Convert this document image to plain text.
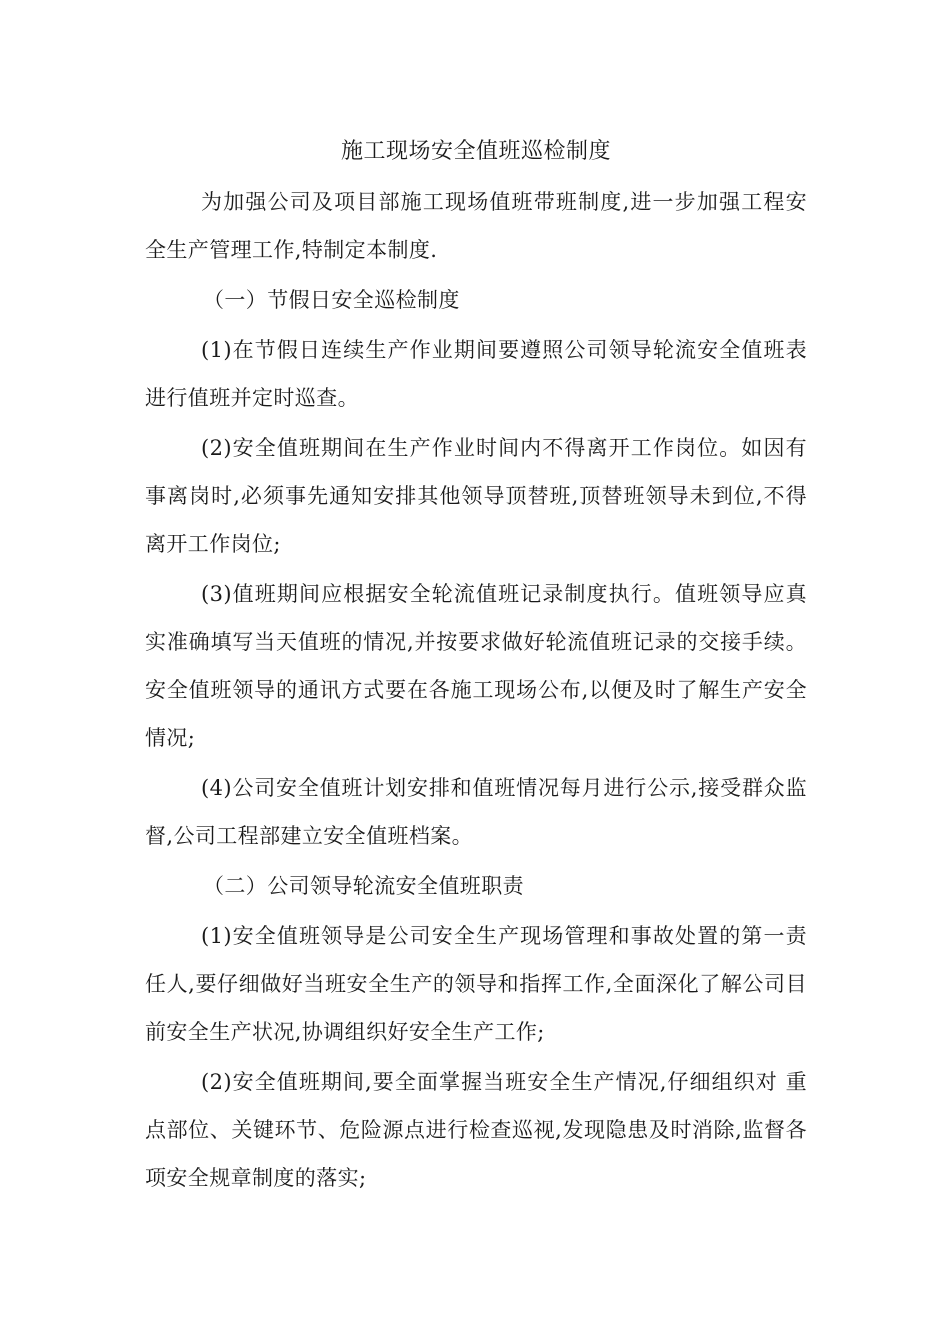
施工现场安全值班巡检制度

为加强公司及项目部施工现场值班带班制度,进一步加强工程安全生产管理工作,特制定本制度.

（一）节假日安全巡检制度

(1)在节假日连续生产作业期间要遵照公司领导轮流安全值班表进行值班并定时巡查。

(2)安全值班期间在生产作业时间内不得离开工作岗位。如因有事离岗时,必须事先通知安排其他领导顶替班,顶替班领导未到位,不得离开工作岗位;

(3)值班期间应根据安全轮流值班记录制度执行。值班领导应真实准确填写当天值班的情况,并按要求做好轮流值班记录的交接手续。安全值班领导的通讯方式要在各施工现场公布,以便及时了解生产安全情况;

(4)公司安全值班计划安排和值班情况每月进行公示,接受群众监督,公司工程部建立安全值班档案。

（二）公司领导轮流安全值班职责

(1)安全值班领导是公司安全生产现场管理和事故处置的第一责任人,要仔细做好当班安全生产的领导和指挥工作,全面深化了解公司目前安全生产状况,协调组织好安全生产工作;

(2)安全值班期间,要全面掌握当班安全生产情况,仔细组织对 重点部位、关键环节、危险源点进行检查巡视,发现隐患及时消除,监督各项安全规章制度的落实;
